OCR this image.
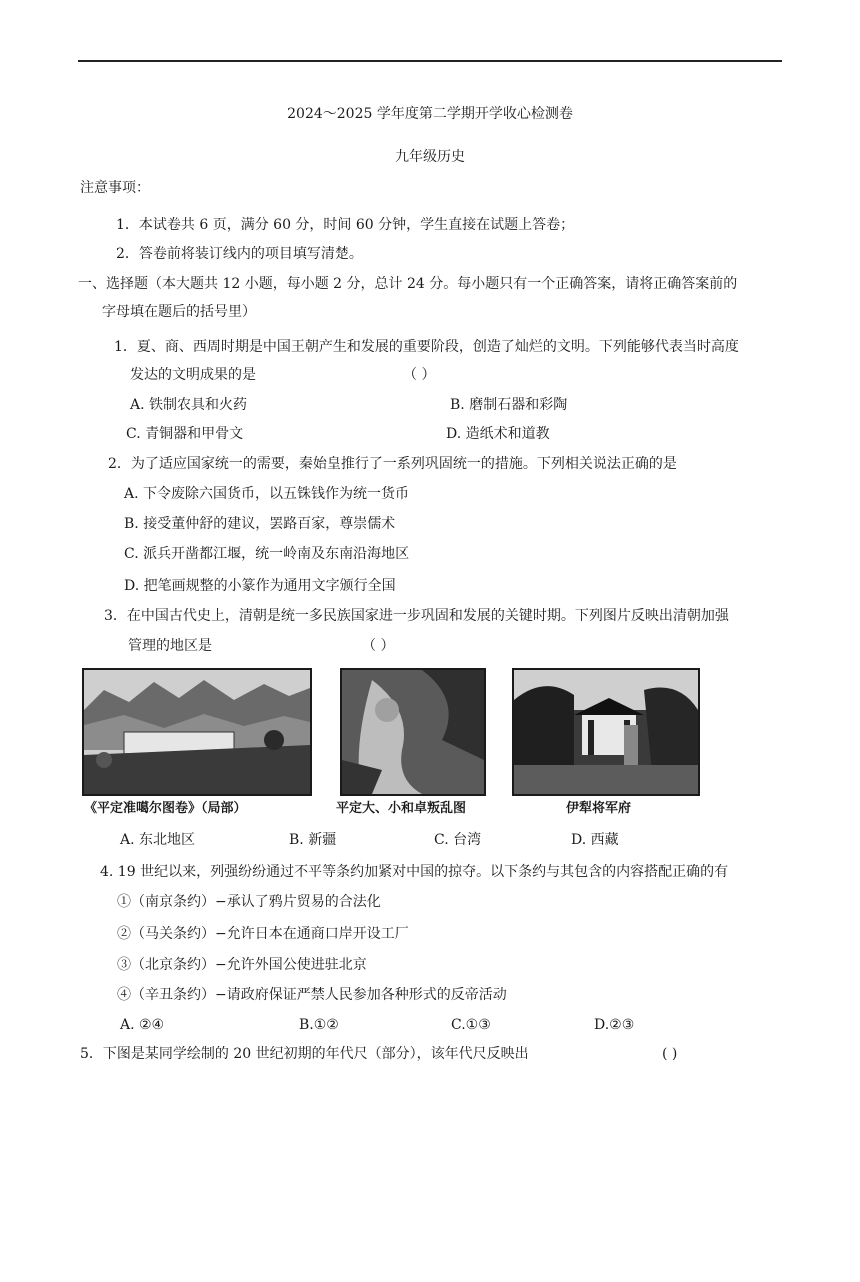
2024～2025 学年度第二学期开学收心检测卷
九年级历史
注意事项：
1．本试卷共 6 页，满分 60 分，时间 60 分钟，学生直接在试题上答卷；
2．答卷前将装订线内的项目填写清楚。
一、选择题（本大题共 12 小题，每小题 2 分，总计 24 分。每小题只有一个正确答案，请将正确答案前的
字母填在题后的括号里）
1．夏、商、西周时期是中国王朝产生和发展的重要阶段，创造了灿烂的文明。下列能够代表当时高度
发达的文明成果的是	（ ）
A. 铁制农具和火药	B. 磨制石器和彩陶
C. 青铜器和甲骨文	D. 造纸术和道教
2．为了适应国家统一的需要，秦始皇推行了一系列巩固统一的措施。下列相关说法正确的是
A. 下令废除六国货币，以五铢钱作为统一货币
B. 接受董仲舒的建议，罢路百家，尊崇儒术
C. 派兵开凿都江堰，统一岭南及东南沿海地区
D. 把笔画规整的小篆作为通用文字颁行全国
3．在中国古代史上，清朝是统一多民族国家进一步巩固和发展的关键时期。下列图片反映出清朝加强
管理的地区是	（ ）
《平定准噶尔图卷》（局部）	平定大、小和卓叛乱图	伊犁将军府
A. 东北地区	B. 新疆	C. 台湾	D. 西藏
4. 19 世纪以来，列强纷纷通过不平等条约加紧对中国的掠夺。以下条约与其包含的内容搭配正确的有
①（南京条约）−承认了鸦片贸易的合法化
②（马关条约）−允许日本在通商口岸开设工厂
③（北京条约）−允许外国公使进驻北京
④（辛丑条约）−请政府保证严禁人民参加各种形式的反帝活动
A. ②④	B.①②	C.①③	D.②③
5．下图是某同学绘制的 20 世纪初期的年代尺（部分），该年代尺反映出	( )
